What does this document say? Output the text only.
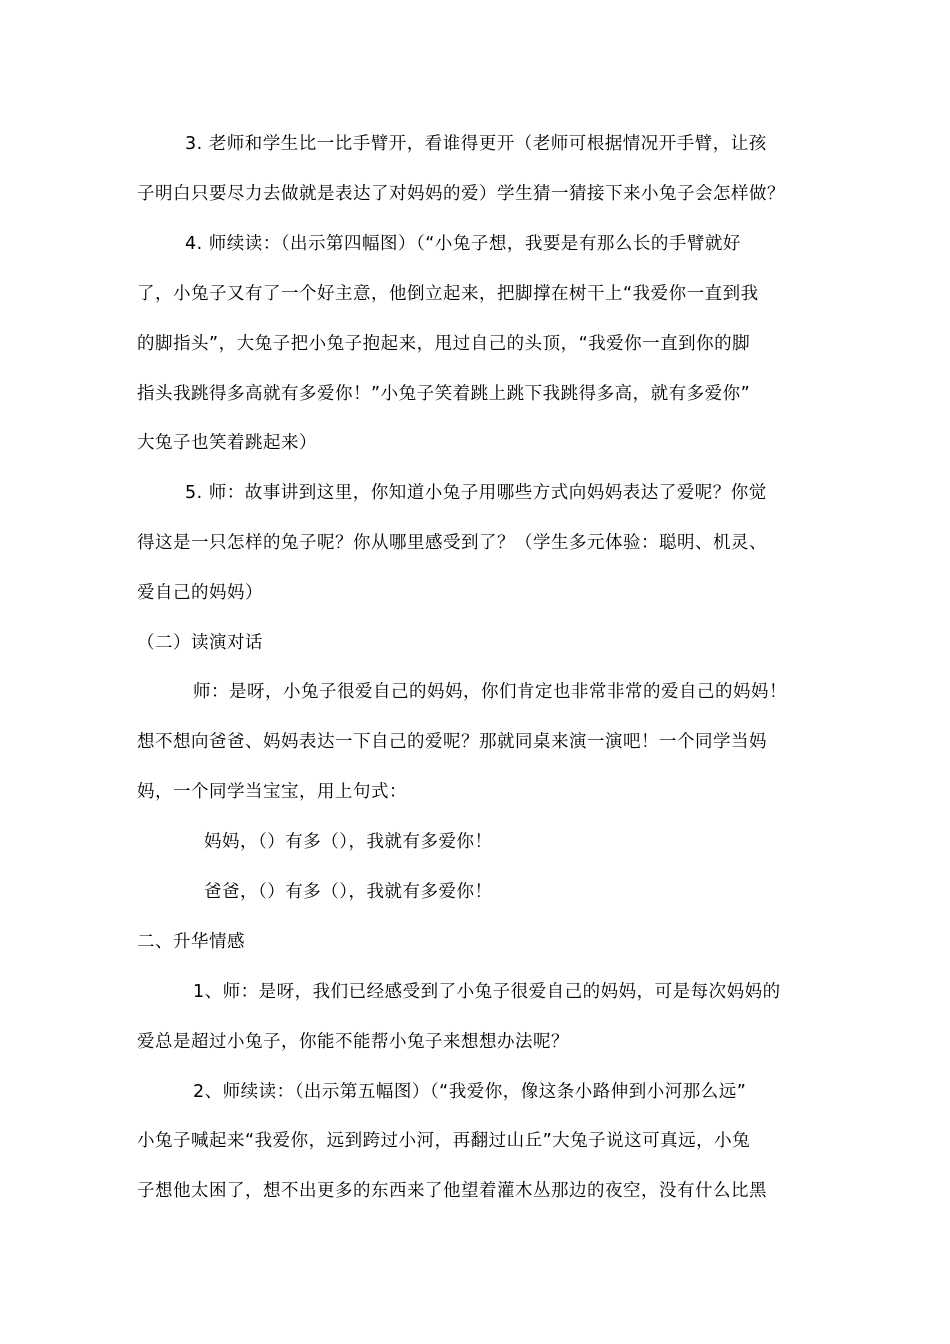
3. 老师和学生比一比手臂开，看谁得更开（老师可根据情况开手臂，让孩
子明白只要尽力去做就是表达了对妈妈的爱）学生猜一猜接下来小兔子会怎样做？
4. 师续读：（出示第四幅图）（“小兔子想，我要是有那么长的手臂就好
了，小兔子又有了一个好主意，他倒立起来，把脚撑在树干上“我爱你一直到我
的脚指头”，大兔子把小兔子抱起来，甩过自己的头顶，“我爱你一直到你的脚
指头我跳得多高就有多爱你！”小兔子笑着跳上跳下我跳得多高，就有多爱你”
大兔子也笑着跳起来）
5. 师：故事讲到这里，你知道小兔子用哪些方式向妈妈表达了爱呢？你觉
得这是一只怎样的兔子呢？你从哪里感受到了？（学生多元体验：聪明、机灵、
爱自己的妈妈）
（二）读演对话
师：是呀，小兔子很爱自己的妈妈，你们肯定也非常非常的爱自己的妈妈！
想不想向爸爸、妈妈表达一下自己的爱呢？那就同桌来演一演吧！一个同学当妈
妈，一个同学当宝宝，用上句式：
妈妈，（）有多（），我就有多爱你！
爸爸，（）有多（），我就有多爱你！
二、升华情感
1、师：是呀，我们已经感受到了小兔子很爱自己的妈妈，可是每次妈妈的
爱总是超过小兔子，你能不能帮小兔子来想想办法呢？
2、师续读：（出示第五幅图）（“我爱你，像这条小路伸到小河那么远”
小兔子喊起来“我爱你，远到跨过小河，再翻过山丘”大兔子说这可真远，小兔
子想他太困了，想不出更多的东西来了他望着灌木丛那边的夜空，没有什么比黑
